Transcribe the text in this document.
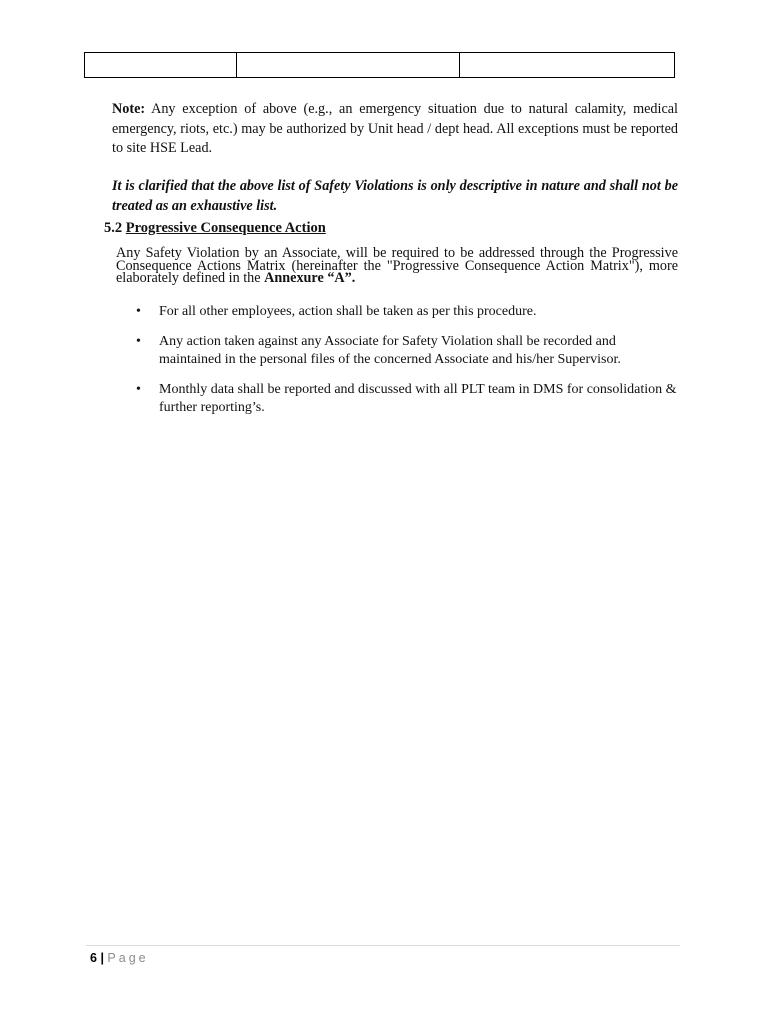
Note: Any exception of above (e.g., an emergency situation due to natural calamity, medical emergency, riots, etc.) may be authorized by Unit head / dept head. All exceptions must be reported to site HSE Lead.

It is clarified that the above list of Safety Violations is only descriptive in nature and shall not be treated as an exhaustive list.

5.2 Progressive Consequence Action

Any Safety Violation by an Associate, will be required to be addressed through the Progressive Consequence Actions Matrix (hereinafter the "Progressive Consequence Action Matrix"), more elaborately defined in the Annexure “A”.

• For all other employees, action shall be taken as per this procedure.
• Any action taken against any Associate for Safety Violation shall be recorded and maintained in the personal files of the concerned Associate and his/her Supervisor.
• Monthly data shall be reported and discussed with all PLT team in DMS for consolidation & further reporting’s.
6 | Page
